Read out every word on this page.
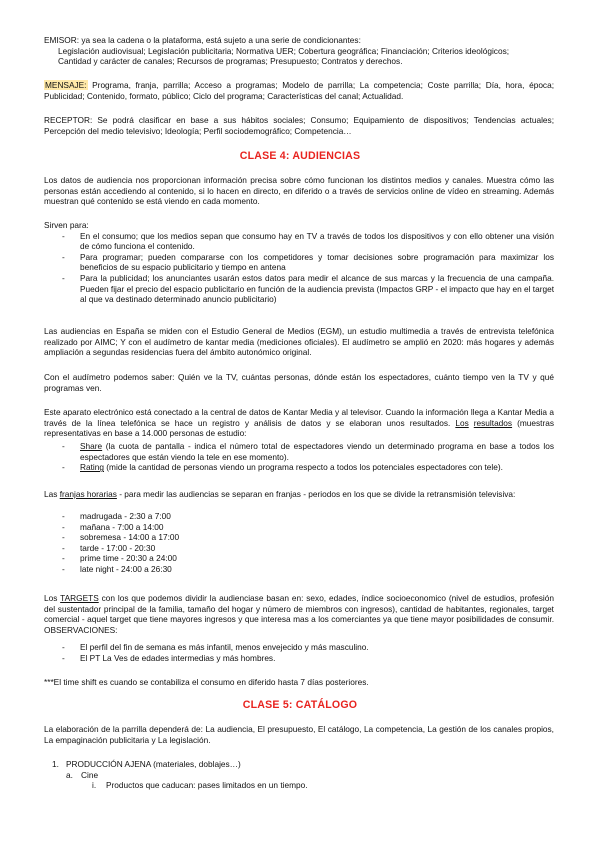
EMISOR: ya sea la cadena o la plataforma, está sujeto a una serie de condicionantes:

Legislación audiovisual; Legislación publicitaria; Normativa UER; Cobertura geográfica; Financiación; Criterios ideológicos;

Cantidad y carácter de canales; Recursos de programas; Presupuesto; Contratos y derechos.

MENSAJE: Programa, franja, parrilla; Acceso a programas; Modelo de parrilla; La competencia; Coste parrilla; Día, hora, época; Publicidad; Contenido, formato, público; Ciclo del programa; Características del canal; Actualidad.

RECEPTOR: Se podrá clasificar en base a sus hábitos sociales; Consumo; Equipamiento de dispositivos; Tendencias actuales; Percepción del medio televisivo; Ideología; Perfil sociodemográfico; Competencia…

CLASE 4: AUDIENCIAS
Los datos de audiencia nos proporcionan información precisa sobre cómo funcionan los distintos medios y canales. Muestra cómo las personas están accediendo al contenido, si lo hacen en directo, en diferido o a través de servicios online de vídeo en streaming. Además muestran qué contenido se está viendo en cada momento.

Sirven para:

- En el consumo; que los medios sepan que consumo hay en TV a través de todos los dispositivos y con ello obtener una visión de cómo funciona el contenido.
- Para programar; pueden compararse con los competidores y tomar decisiones sobre programación para maximizar los beneficios de su espacio publicitario y tiempo en antena
- Para la publicidad; los anunciantes usarán estos datos para medir el alcance de sus marcas y la frecuencia de una campaña. Pueden fijar el precio del espacio publicitario en función de la audiencia prevista (Impactos GRP - el impacto que hay en el target al que va destinado determinado anuncio publicitario)
Las audiencias en España se miden con el Estudio General de Medios (EGM), un estudio multimedia a través de entrevista telefónica realizado por AIMC; Y con el audímetro de kantar media (mediciones oficiales). El audímetro se amplió en 2020: más hogares y además ampliación a segundas residencias fuera del ámbito autonómico original.
Con el audímetro podemos saber: Quién ve la TV, cuántas personas, dónde están los espectadores, cuánto tiempo ven la TV y qué programas ven.
Este aparato electrónico está conectado a la central de datos de Kantar Media y al televisor. Cuando la información llega a Kantar Media a través de la línea telefónica se hace un registro y análisis de datos y se elaboran unos resultados. Los resultados (muestras representativas en base a 14.000 personas de estudio:
- Share (la cuota de pantalla - indica el número total de espectadores viendo un determinado programa en base a todos los espectadores que están viendo la tele en ese momento).
- Rating (mide la cantidad de personas viendo un programa respecto a todos los potenciales espectadores con tele).
Las franjas horarias - para medir las audiencias se separan en franjas - periodos en los que se divide la retransmisión televisiva:
- madrugada - 2:30 a 7:00
- mañana - 7:00 a 14:00
- sobremesa - 14:00 a 17:00
- tarde - 17:00 - 20:30
- prime time - 20:30 a 24:00
- late night - 24:00 a 26:30
Los TARGETS con los que podemos dividir la audienciase basan en: sexo, edades, índice socioeconomico (nivel de estudios, profesión del sustentador principal de la familia, tamaño del hogar y número de miembros con ingresos), cantidad de habitantes, regionales, target comercial - aquel target que tiene mayores ingresos y que interesa mas a los comerciantes ya que tiene mayor posibilidades de consumir. OBSERVACIONES:
- El perfil del fin de semana es más infantil, menos envejecido y más masculino.
- El PT La Ves de edades intermedias y más hombres.
***El time shift es cuando se contabiliza el consumo en diferido hasta 7 días posteriores.
CLASE 5: CATÁLOGO
La elaboración de la parrilla dependerá de: La audiencia, El presupuesto, El catálogo, La competencia, La gestión de los canales propios, La empaginación publicitaria y La legislación.
1. PRODUCCIÓN AJENA (materiales, doblajes…)
a. Cine
i. Productos que caducan: pases limitados en un tiempo.
